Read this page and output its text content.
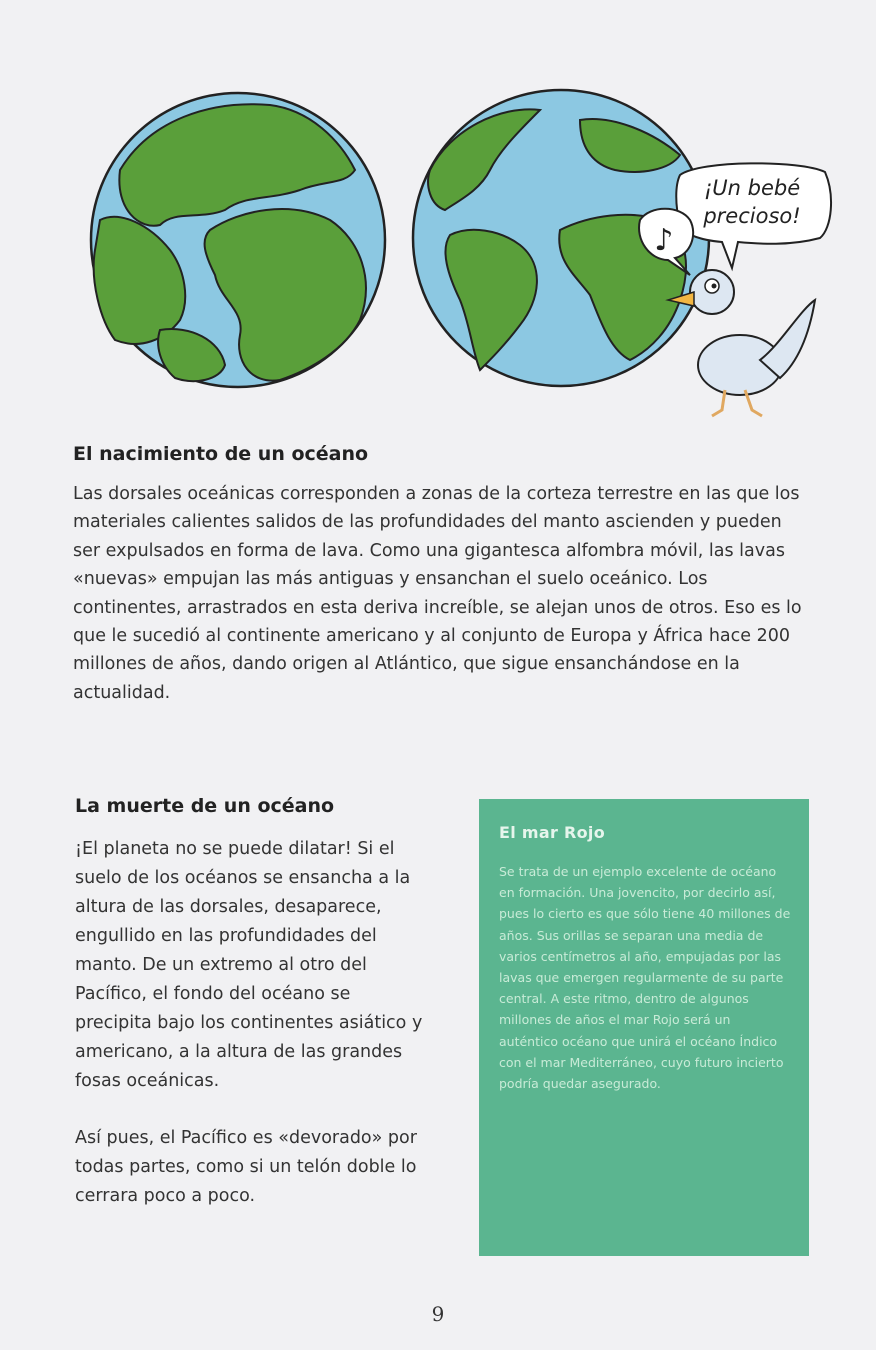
¡Un bebé
precioso!
♪
El nacimiento de un océano

Las dorsales oceánicas corresponden a zonas de la corteza terrestre en las que los materiales calientes salidos de las profundidades del manto ascienden y pueden ser expulsados en forma de lava. Como una gigantesca alfombra móvil, las lavas «nuevas» empujan las más antiguas y ensanchan el suelo oceánico. Los continentes, arrastrados en esta deriva increíble, se alejan unos de otros. Eso es lo que le sucedió al continente americano y al conjunto de Europa y África hace 200 millones de años, dando origen al Atlántico, que sigue ensanchándose en la actualidad.

La muerte de un océano

¡El planeta no se puede dilatar! Si el suelo de los océanos se ensancha a la altura de las dorsales, desaparece, engullido en las profundidades del manto. De un extremo al otro del Pacífico, el fondo del océano se precipita bajo los continentes asiático y americano, a la altura de las grandes fosas oceánicas.

Así pues, el Pacífico es «devorado» por todas partes, como si un telón doble lo cerrara poco a poco.

El mar Rojo

Se trata de un ejemplo excelente de océano en formación. Una jovencito, por decirlo así, pues lo cierto es que sólo tiene 40 millones de años. Sus orillas se separan una media de varios centímetros al año, empujadas por las lavas que emergen regularmente de su parte central. A este ritmo, dentro de algunos millones de años el mar Rojo será un auténtico océano que unirá el océano Índico con el mar Mediterráneo, cuyo futuro incierto podría quedar asegurado.

9
